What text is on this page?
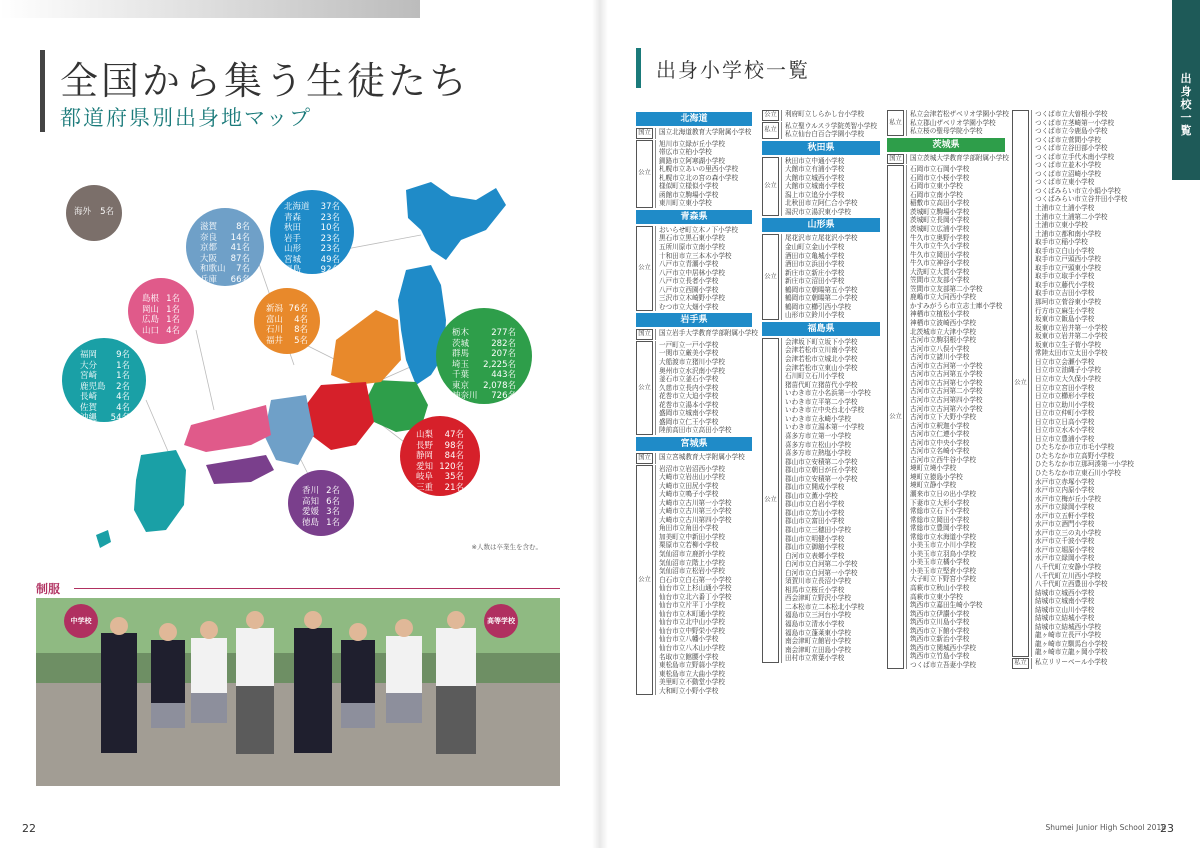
全国から集う生徒たち
都道府県別出身地マップ
海外 5名
滋賀 8名
奈良 14名
京都 41名
大阪 87名
和歌山 7名
兵庫 66名
北海道 37名
青森 23名
秋田 10名
岩手 23名
山形 23名
宮城 49名
福島 92名
島根 1名
岡山 1名
広島 1名
山口 4名
新潟 76名
富山 4名
石川 8名
福井 5名
栃木	277名
茨城	282名
群馬	207名
埼玉 2,225名
千葉	443名
東京 2,078名
神奈川 726名
福岡 9名
大分 1名
宮崎 1名
鹿児島 2名
長崎 4名
佐賀 4名
沖縄 54名
山梨 47名
長野 98名
静岡 84名
愛知 120名
岐阜 35名
三重 21名
香川 2名
高知 6名
愛媛 3名
徳島 1名
※人数は卒業生を含む。
制服
中学校	高等学校
22
出身校一覧
出身小学校一覧
北海道
国立	国立北海道教育大学附属小学校
公立
旭川市立緑が丘小学校
帯広市立柏小学校
釧路市立阿寒湖小学校
札幌市立あいの里西小学校
札幌市立北の宮の森小学校
様似町立様似小学校
函館市立駒場小学校
東川町立東小学校
青森県
公立
おいらせ町立木ノ下小学校
黒石市立黒石東小学校
五所川原市立南小学校
十和田市立三本木小学校
八戸市立青潮小学校
八戸市立中居林小学校
八戸市立長者小学校
八戸市立西園小学校
三沢市立木崎野小学校
むつ市立大畑小学校
岩手県
国立	国立岩手大学教育学部附属小学校
公立
一戸町立一戸小学校
一関市立厳美小学校
大船渡市立猪川小学校
奥州市立水沢南小学校
釜石市立釜石小学校
久慈市立長内小学校
花巻市立大迫小学校
花巻市立湯本小学校
盛岡市立城南小学校
盛岡市立仁王小学校
陸前高田市立高田小学校
宮城県
国立	国立宮城教育大学附属小学校
公立
岩沼市立岩沼西小学校
大崎市立岩出山小学校
大崎市立田尻小学校
大崎市立鳴子小学校
大崎市立古川第一小学校
大崎市立古川第三小学校
大崎市立古川第四小学校
角田市立角田小学校
加美町立中新田小学校
栗原市立若柳小学校
気仙沼市立鹿折小学校
気仙沼市立階上小学校
気仙沼市立松岩小学校
白石市立白石第一小学校
仙台市立上杉山通小学校
仙台市立北六番丁小学校
仙台市立片平丁小学校
仙台市立木町通小学校
仙台市立北中山小学校
仙台市立中野栄小学校
仙台市立八幡小学校
仙台市立八木山小学校
名取市立館腰小学校
東松島市立野蒜小学校
東松島市立大曲小学校
美里町立不動堂小学校
大和町立小野小学校
公立	利府町立しらかし台小学校
私立	私立聖ウルスラ学院英智小学校
私立仙台白百合学園小学校
秋田県
公立
秋田市立中通小学校
大館市立有浦小学校
大館市立城西小学校
大館市立城南小学校
潟上市立追分小学校
北秋田市立阿仁合小学校
湯沢市立湯沢東小学校
山形県
公立
尾花沢市立尾花沢小学校
金山町立金山小学校
酒田市立亀城小学校
酒田市立浜田小学校
新庄市立新庄小学校
新庄市立沼田小学校
鶴岡市立朝暘第五小学校
鶴岡市立朝暘第二小学校
鶴岡市立櫛引西小学校
山形市立鈴川小学校
福島県
公立
会津坂下町立坂下小学校
会津若松市立川南小学校
会津若松市立城北小学校
会津若松市立東山小学校
石川町立石川小学校
猪苗代町立猪苗代小学校
いわき市立小名浜第一小学校
いわき市立平第二小学校
いわき市立中央台北小学校
いわき市立永崎小学校
いわき市立湯本第一小学校
喜多方市立第一小学校
喜多方市立松山小学校
喜多方市立熱塩小学校
郡山市立安積第二小学校
郡山市立朝日が丘小学校
郡山市立安積第一小学校
郡山市立開成小学校
郡山市立薫小学校
郡山市立白岩小学校
郡山市立芳山小学校
郡山市立富田小学校
郡山市立三穂田小学校
郡山市立明健小学校
郡山市立御舘小学校
白河市立表郷小学校
白河市立白河第二小学校
白河市立白河第一小学校
須賀川市立長沼小学校
相馬市立桜丘小学校
西会津町立野沢小学校
二本松市立二本松北小学校
福島市立三河台小学校
福島市立清水小学校
福島市立蓬莱東小学校
南会津町立館岩小学校
南会津町立田島小学校
田村市立常葉小学校
私立
私立会津若松ザベリオ学園小学校
私立郡山ザベリオ学園小学校
私立桜の聖母学院小学校
茨城県
国立	国立茨城大学教育学部附属小学校
公立
石岡市立石岡小学校
石岡市立小桜小学校
石岡市立東小学校
石岡市立南小学校
稲敷市立高田小学校
茨城町立駒場小学校
茨城町立長岡小学校
茨城町立広浦小学校
牛久市立奥野小学校
牛久市立牛久小学校
牛久市立岡田小学校
牛久市立神谷小学校
大洗町立大貫小学校
笠間市立友部小学校
笠間市立友部第二小学校
鹿嶋市立大同西小学校
かすみがうら市立志士庫小学校
神栖市立植松小学校
神栖市立波崎西小学校
北茨城市立大津小学校
古河市立駒羽根小学校
古河市立八俣小学校
古河市立諸川小学校
古河市立古河第一小学校
古河市立古河第五小学校
古河市立古河第七小学校
古河市立古河第二小学校
古河市立古河第四小学校
古河市立古河第六小学校
古河市立下大野小学校
古河市立釈迦小学校
古河市立仁連小学校
古河市立中央小学校
古河市立名崎小学校
古河市立西牛谷小学校
境町立境小学校
境町立猿島小学校
境町立静小学校
潮来市立日の出小学校
下妻市立大形小学校
常総市立石下小学校
常総市立岡田小学校
常総市立豊岡小学校
常総市立水海道小学校
小美玉市立小川小学校
小美玉市立羽鳥小学校
小美玉市立橘小学校
小美玉市立堅倉小学校
大子町立下野宮小学校
高萩市立秋山小学校
高萩市立東小学校
筑西市立嘉田生崎小学校
筑西市立伊讃小学校
筑西市立川島小学校
筑西市立下館小学校
筑西市立新治小学校
筑西市立関城西小学校
筑西市立竹島小学校
つくば市立吾妻小学校
公立
つくば市立大曽根小学校
つくば市立茎崎第一小学校
つくば市立今鹿島小学校
つくば市立菅間小学校
つくば市立谷田部小学校
つくば市立手代木南小学校
つくば市立並木小学校
つくば市立沼崎小学校
つくば市立東小学校
つくばみらい市立小絹小学校
つくばみらい市立谷井田小学校
土浦市立土浦小学校
土浦市立土浦第二小学校
土浦市立東小学校
土浦市立都和南小学校
取手市立稲小学校
取手市立白山小学校
取手市立戸頭西小学校
取手市立戸頭東小学校
取手市立取手小学校
取手市立藤代小学校
取手市立吉田小学校
那珂市立菅谷東小学校
行方市立麻生小学校
坂東市立飯島小学校
坂東市立岩井第一小学校
坂東市立岩井第二小学校
坂東市立生子菅小学校
常陸太田市立太田小学校
日立市立会瀬小学校
日立市立油縄子小学校
日立市立大久保小学校
日立市立宮田小学校
日立市立櫛形小学校
日立市立助川小学校
日立市立仲町小学校
日立市立日高小学校
日立市立水木小学校
日立市立豊浦小学校
ひたちなか市立市毛小学校
ひたちなか市立高野小学校
ひたちなか市立那珂湊第一小学校
ひたちなか市立東石川小学校
水戸市立赤塚小学校
水戸市立内原小学校
水戸市立梅が丘小学校
水戸市立緑岡小学校
水戸市立五軒小学校
水戸市立酒門小学校
水戸市立三の丸小学校
水戸市立千波小学校
水戸市立堀原小学校
水戸市立緑岡小学校
八千代町立安静小学校
八千代町立川西小学校
八千代町立西豊田小学校
結城市立城西小学校
結城市立城南小学校
結城市立山川小学校
結城市立結城小学校
結城市立結城西小学校
龍ヶ崎市立長戸小学校
龍ヶ崎市立馴馬台小学校
龍ヶ崎市立龍ヶ岡小学校
私立	私立リリーベール小学校
23
Shumei Junior High School 2018
